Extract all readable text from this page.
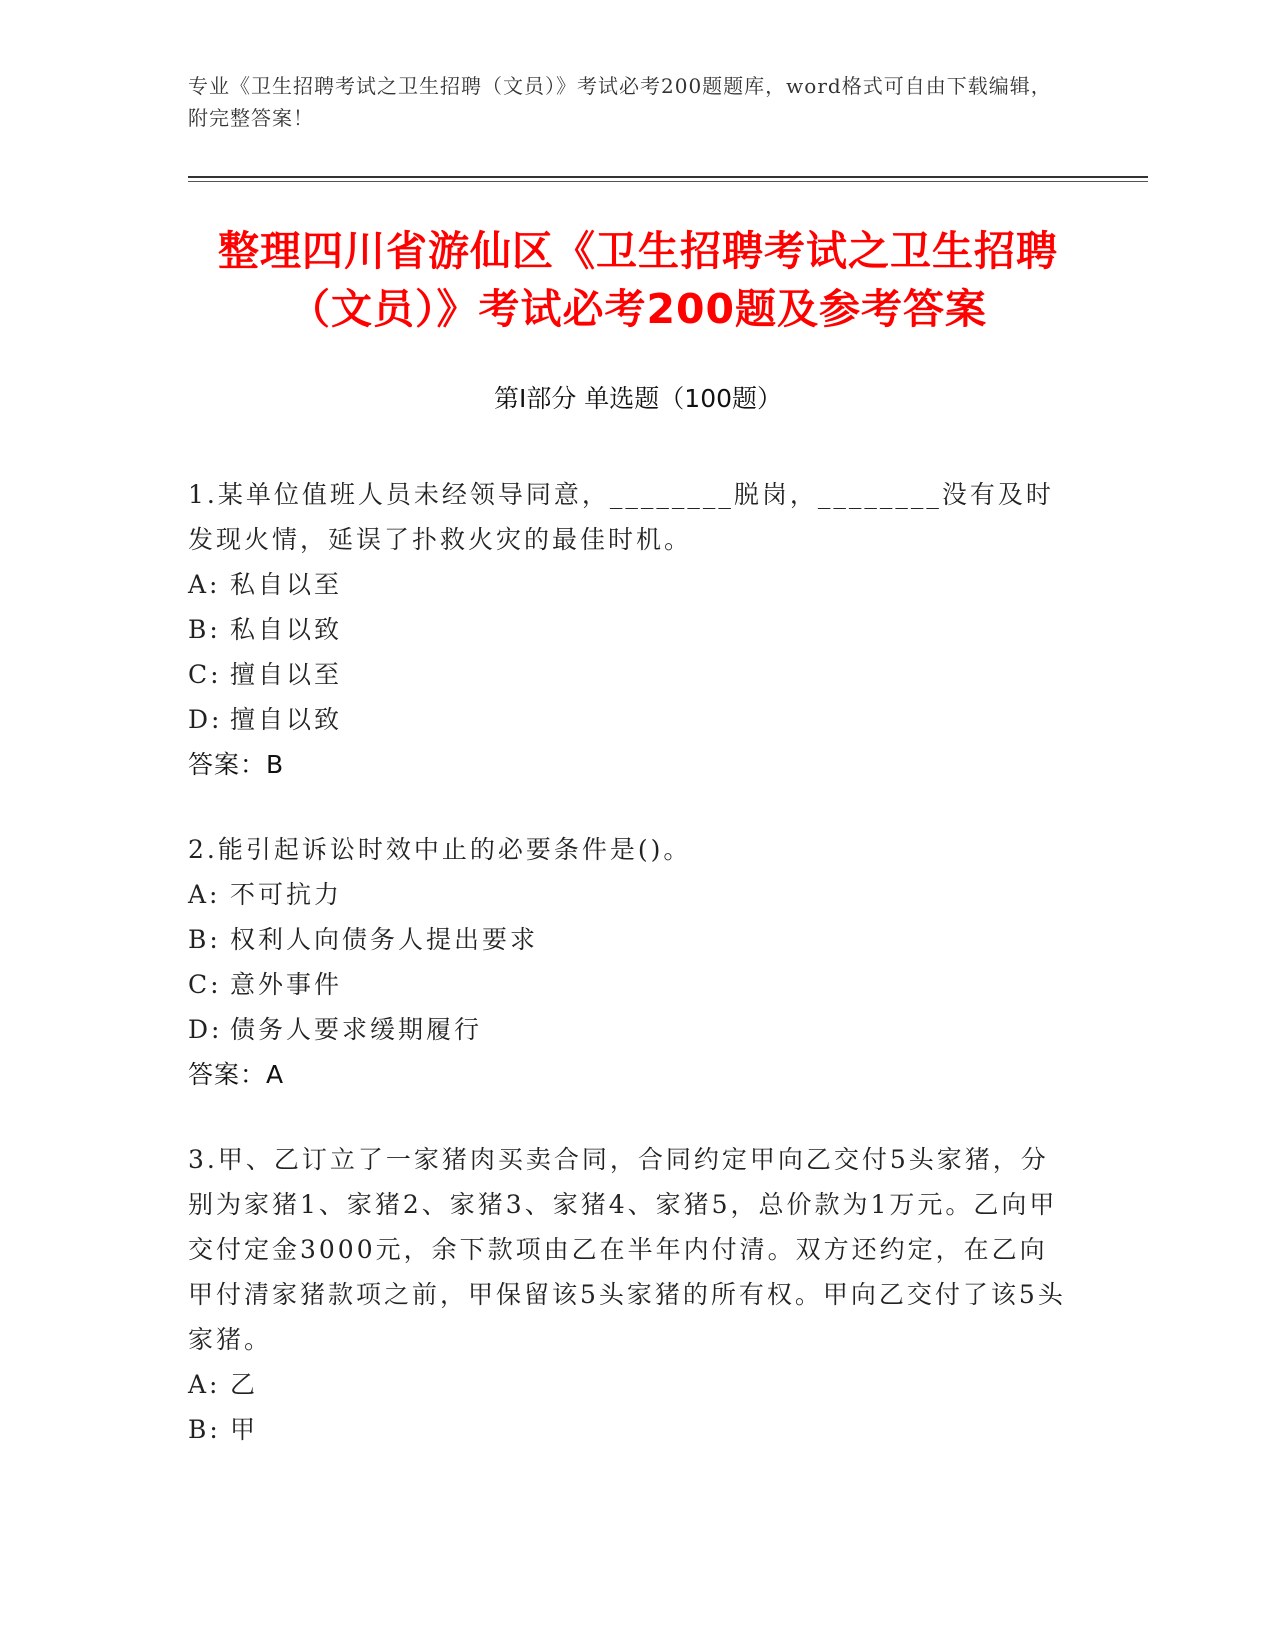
专业《卫生招聘考试之卫生招聘（文员）》考试必考200题题库，word格式可自由下载编辑，附完整答案！
整理四川省游仙区《卫生招聘考试之卫生招聘（文员）》考试必考200题及参考答案
第Ⅰ部分 单选题（100题）

1.某单位值班人员未经领导同意，________脱岗，________没有及时发现火情，延误了扑救火灾的最佳时机。

A: 私自以至

B: 私自以致

C: 擅自以至

D: 擅自以致

答案：B

2.能引起诉讼时效中止的必要条件是()。

A: 不可抗力

B: 权利人向债务人提出要求

C: 意外事件

D: 债务人要求缓期履行

答案：A

3.甲、乙订立了一家猪肉买卖合同，合同约定甲向乙交付5头家猪，分别为家猪1、家猪2、家猪3、家猪4、家猪5，总价款为1万元。乙向甲交付定金3000元，余下款项由乙在半年内付清。双方还约定，在乙向甲付清家猪款项之前，甲保留该5头家猪的所有权。甲向乙交付了该5头家猪。

A: 乙

B: 甲
